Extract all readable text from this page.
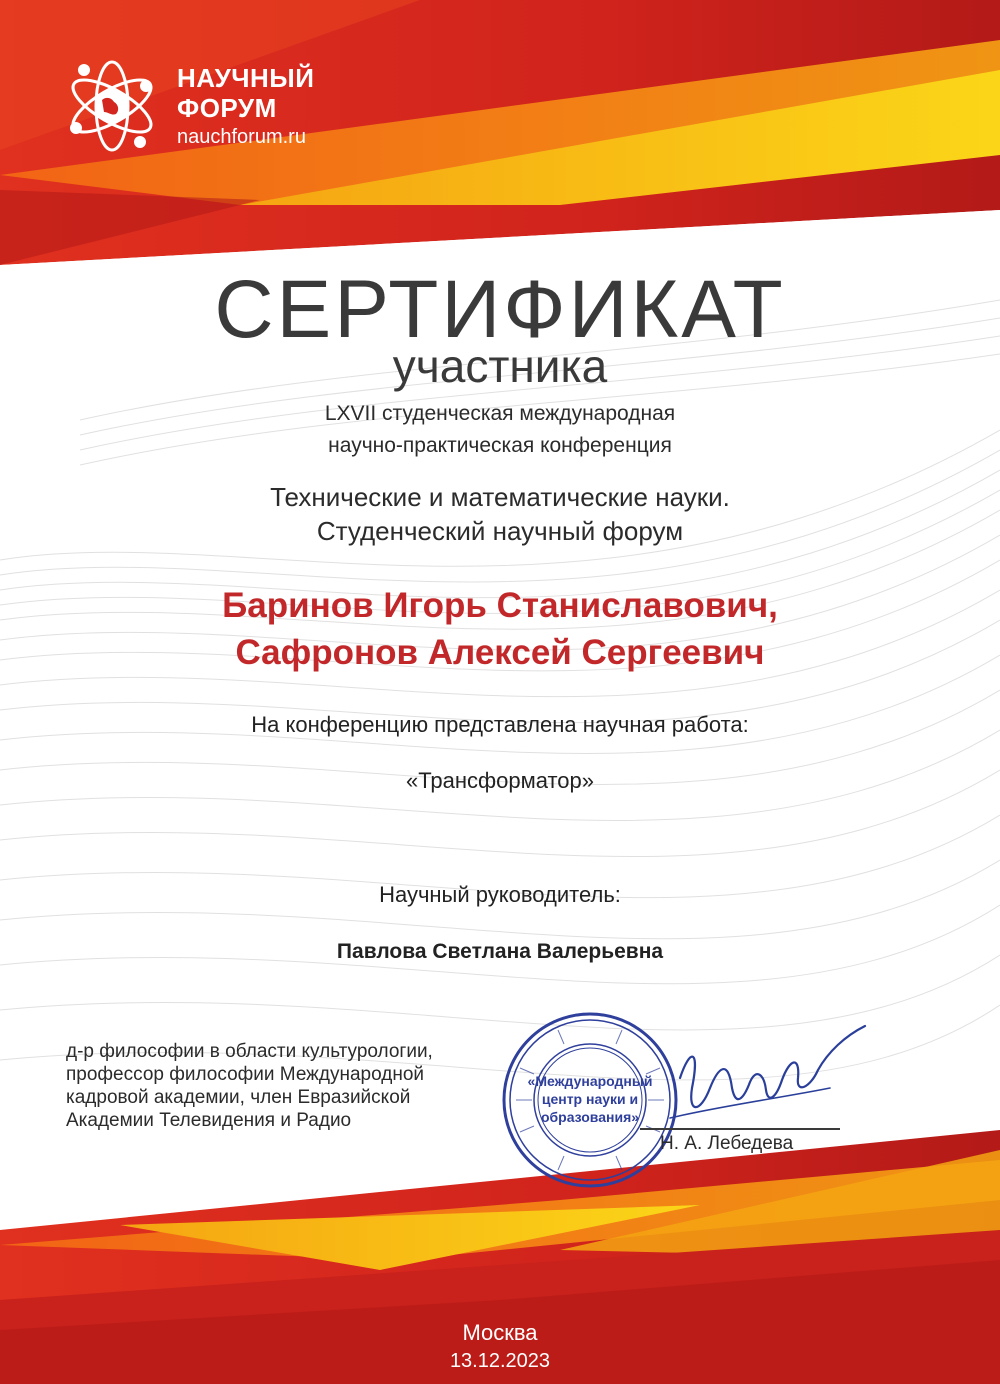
НАУЧНЫЙ
ФОРУМ
nauchforum.ru
СЕРТИФИКАТ
участника
LXVII студенческая международная
научно-практическая конференция
Технические и математические науки.
Студенческий научный форум
Баринов Игорь Станиславович,
Сафронов Алексей Сергеевич
На конференцию представлена научная работа:
«Трансформатор»
Научный руководитель:
Павлова Светлана Валерьевна
д-р философии в области культурологии,
профессор философии Международной
кадровой академии, член Евразийской
Академии Телевидения и Радио
«Международный
центр науки и
образования»
Н. А. Лебедева
Москва
13.12.2023
